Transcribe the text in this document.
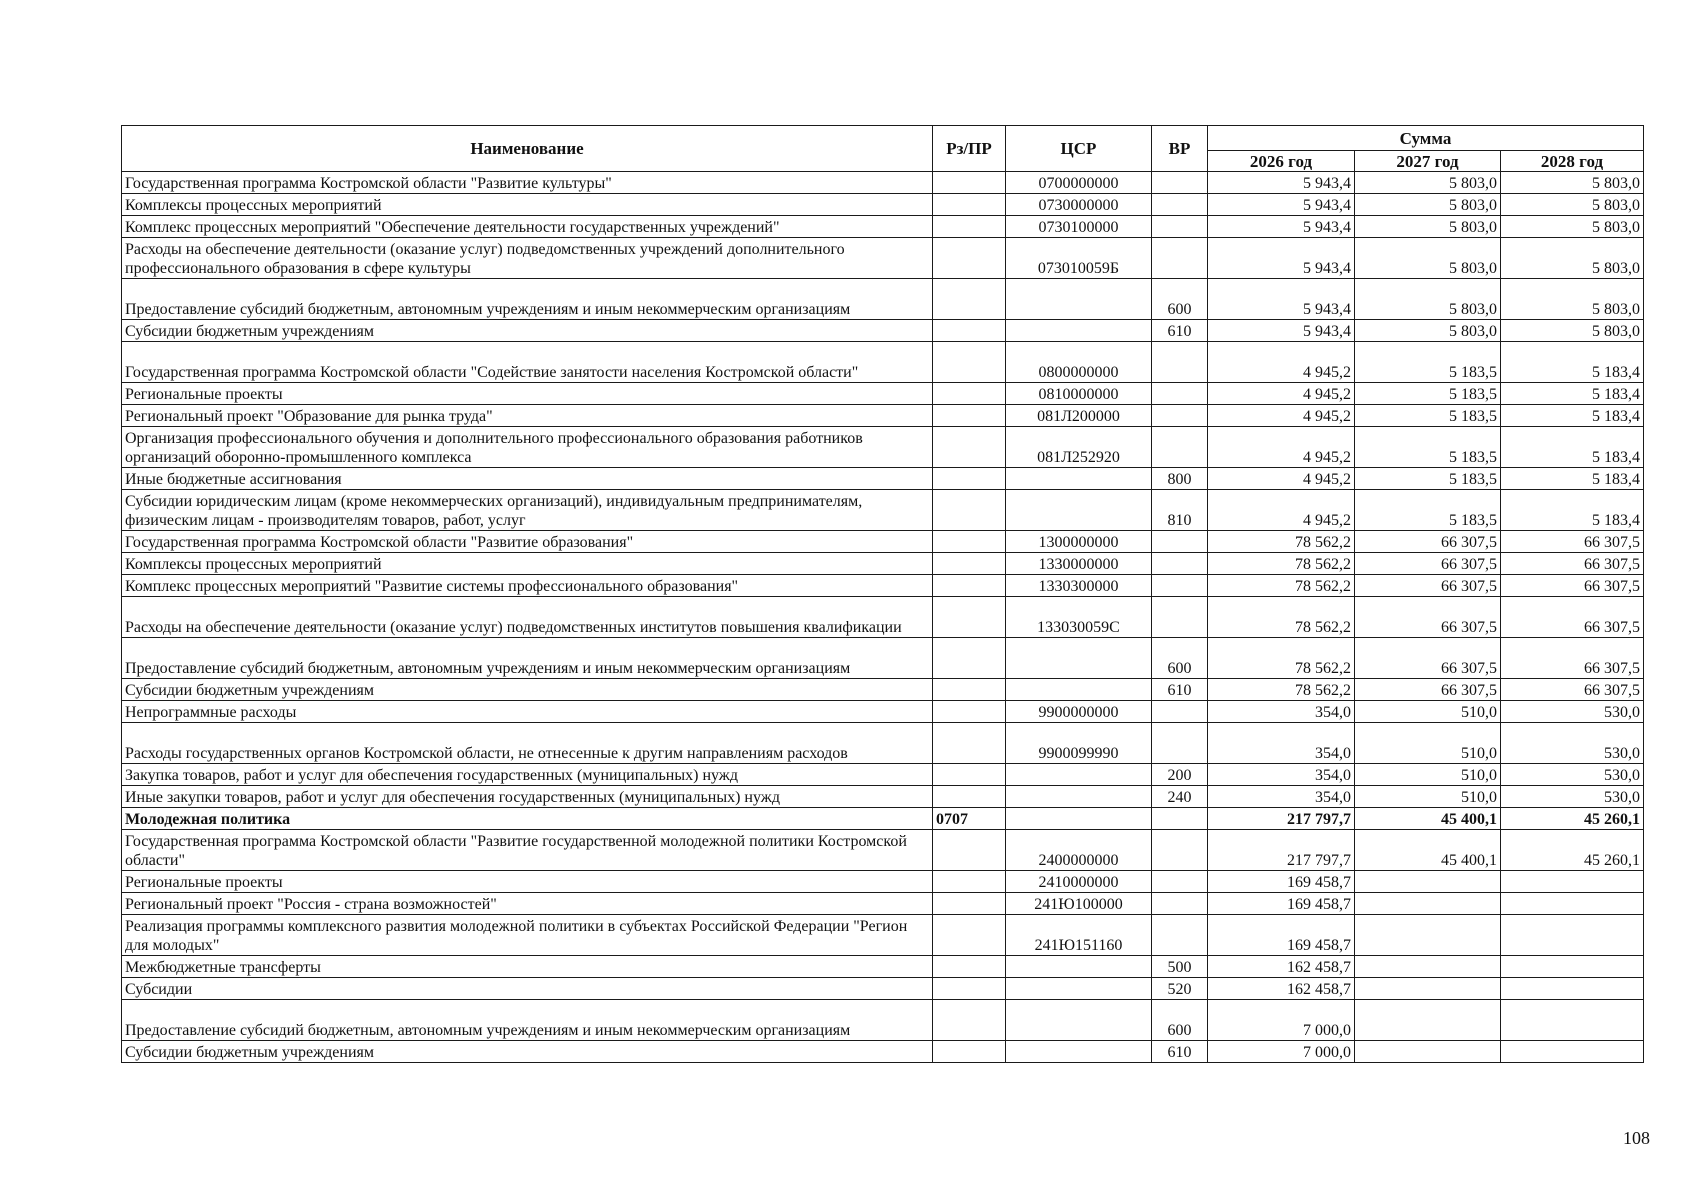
Наименование	Рз/ПР	ЦСР	ВР	Сумма		
				2026 год	2027 год	2028 год
Государственная программа Костромской области "Развитие культуры"		0700000000		5 943,4	5 803,0	5 803,0
Комплексы процессных мероприятий		0730000000		5 943,4	5 803,0	5 803,0
Комплекс процессных мероприятий "Обеспечение деятельности государственных учреждений"		0730100000		5 943,4	5 803,0	5 803,0
Расходы на обеспечение деятельности (оказание услуг) подведомственных учреждений дополнительного профессионального образования в сфере культуры		073010059Б		5 943,4	5 803,0	5 803,0
Предоставление субсидий бюджетным, автономным учреждениям и иным некоммерческим организациям			600	5 943,4	5 803,0	5 803,0
Субсидии бюджетным учреждениям			610	5 943,4	5 803,0	5 803,0
Государственная программа Костромской области "Содействие занятости населения Костромской области"		0800000000		4 945,2	5 183,5	5 183,4
Региональные проекты		0810000000		4 945,2	5 183,5	5 183,4
Региональный проект "Образование для рынка труда"		081Л200000		4 945,2	5 183,5	5 183,4
Организация профессионального обучения и дополнительного профессионального образования работников организаций оборонно-промышленного комплекса		081Л252920		4 945,2	5 183,5	5 183,4
Иные бюджетные ассигнования			800	4 945,2	5 183,5	5 183,4
Субсидии юридическим лицам (кроме некоммерческих организаций), индивидуальным предпринимателям, физическим лицам - производителям товаров, работ, услуг			810	4 945,2	5 183,5	5 183,4
Государственная программа Костромской области "Развитие образования"		1300000000		78 562,2	66 307,5	66 307,5
Комплексы процессных мероприятий		1330000000		78 562,2	66 307,5	66 307,5
Комплекс процессных мероприятий "Развитие системы профессионального образования"		1330300000		78 562,2	66 307,5	66 307,5
Расходы на обеспечение деятельности (оказание услуг) подведомственных институтов повышения квалификации		133030059С		78 562,2	66 307,5	66 307,5
Предоставление субсидий бюджетным, автономным учреждениям и иным некоммерческим организациям			600	78 562,2	66 307,5	66 307,5
Субсидии бюджетным учреждениям			610	78 562,2	66 307,5	66 307,5
Непрограммные расходы		9900000000		354,0	510,0	530,0
Расходы государственных органов Костромской области, не отнесенные к другим направлениям расходов		9900099990		354,0	510,0	530,0
Закупка товаров, работ и услуг для обеспечения государственных (муниципальных) нужд			200	354,0	510,0	530,0
Иные закупки товаров, работ и услуг для обеспечения государственных (муниципальных) нужд			240	354,0	510,0	530,0
Молодежная политика	0707			217 797,7	45 400,1	45 260,1
Государственная программа Костромской области "Развитие государственной молодежной политики Костромской области"		2400000000		217 797,7	45 400,1	45 260,1
Региональные проекты		2410000000		169 458,7		
Региональный проект "Россия - страна возможностей"		241Ю100000		169 458,7		
Реализация программы комплексного развития молодежной политики в субъектах Российской Федерации "Регион для молодых"		241Ю151160		169 458,7		
Межбюджетные трансферты			500	162 458,7		
Субсидии			520	162 458,7		
Предоставление субсидий бюджетным, автономным учреждениям и иным некоммерческим организациям			600	7 000,0		
Субсидии бюджетным учреждениям			610	7 000,0		
108
